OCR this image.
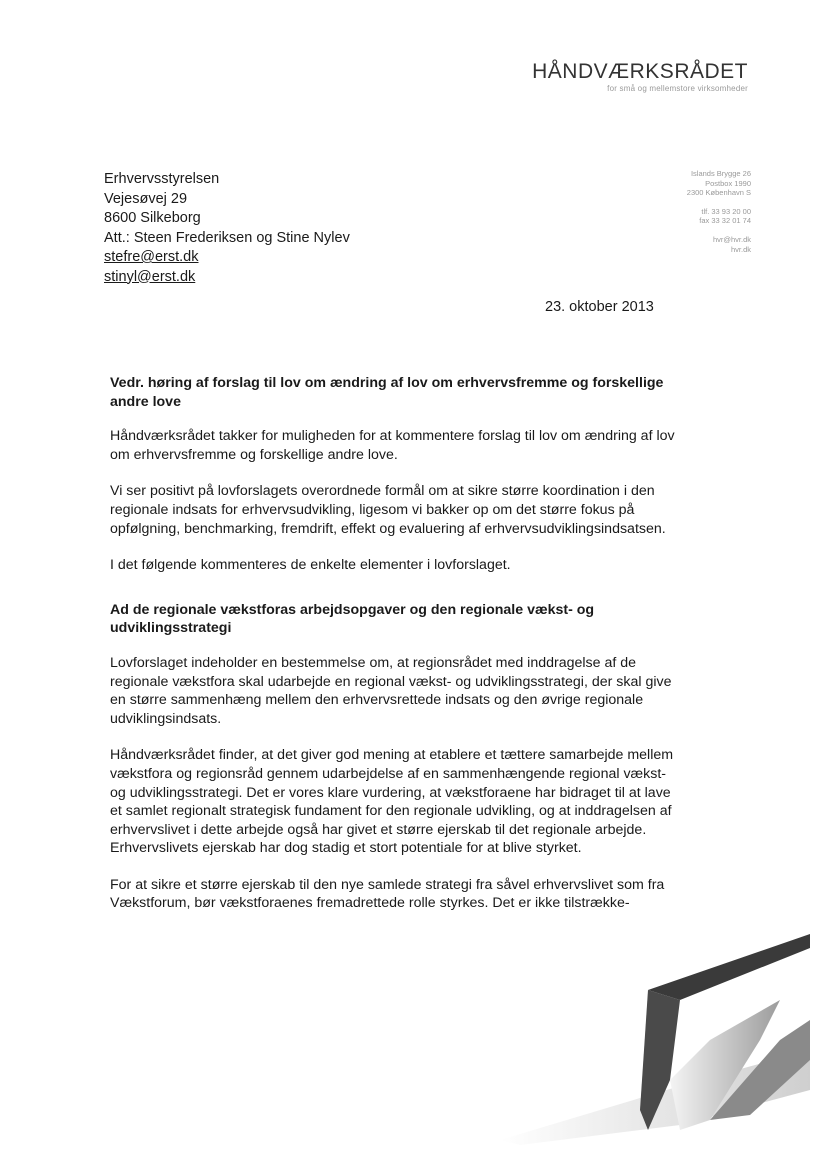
HÅNDVÆRKSRÅDET
for små og mellemstore virksomheder
Islands Brygge 26
Postbox 1990
2300 København S
tlf. 33 93 20 00
fax 33 32 01 74
hvr@hvr.dk
hvr.dk
Erhvervsstyrelsen
Vejesøvej 29
8600 Silkeborg
Att.: Steen Frederiksen og Stine Nylev
stefre@erst.dk
stinyl@erst.dk
23. oktober 2013
Vedr. høring af forslag til lov om ændring af lov om erhvervsfremme og forskellige andre love

Håndværksrådet takker for muligheden for at kommentere forslag til lov om ændring af lov om erhvervsfremme og forskellige andre love.

Vi ser positivt på lovforslagets overordnede formål om at sikre større koordination i den regionale indsats for erhvervsudvikling, ligesom vi bakker op om det større fokus på opfølgning, benchmarking, fremdrift, effekt og evaluering af erhvervsudviklingsindsatsen.

I det følgende kommenteres de enkelte elementer i lovforslaget.

Ad de regionale vækstforas arbejdsopgaver og den regionale vækst- og udviklingsstrategi

Lovforslaget indeholder en bestemmelse om, at regionsrådet med inddragelse af de regionale vækstfora skal udarbejde en regional vækst- og udviklingsstrategi, der skal give en større sammenhæng mellem den erhvervsrettede indsats og den øvrige regionale udviklingsindsats.

Håndværksrådet finder, at det giver god mening at etablere et tættere samarbejde mellem vækstfora og regionsråd gennem udarbejdelse af en sammenhængende regional vækst- og udviklingsstrategi. Det er vores klare vurdering, at vækstforaene har bidraget til at lave et samlet regionalt strategisk fundament for den regionale udvikling, og at inddragelsen af erhvervslivet i dette arbejde også har givet et større ejerskab til det regionale arbejde. Erhvervslivets ejerskab har dog stadig et stort potentiale for at blive styrket.

For at sikre et større ejerskab til den nye samlede strategi fra såvel erhvervslivet som fra Vækstforum, bør vækstforaenes fremadrettede rolle styrkes. Det er ikke tilstrække-
